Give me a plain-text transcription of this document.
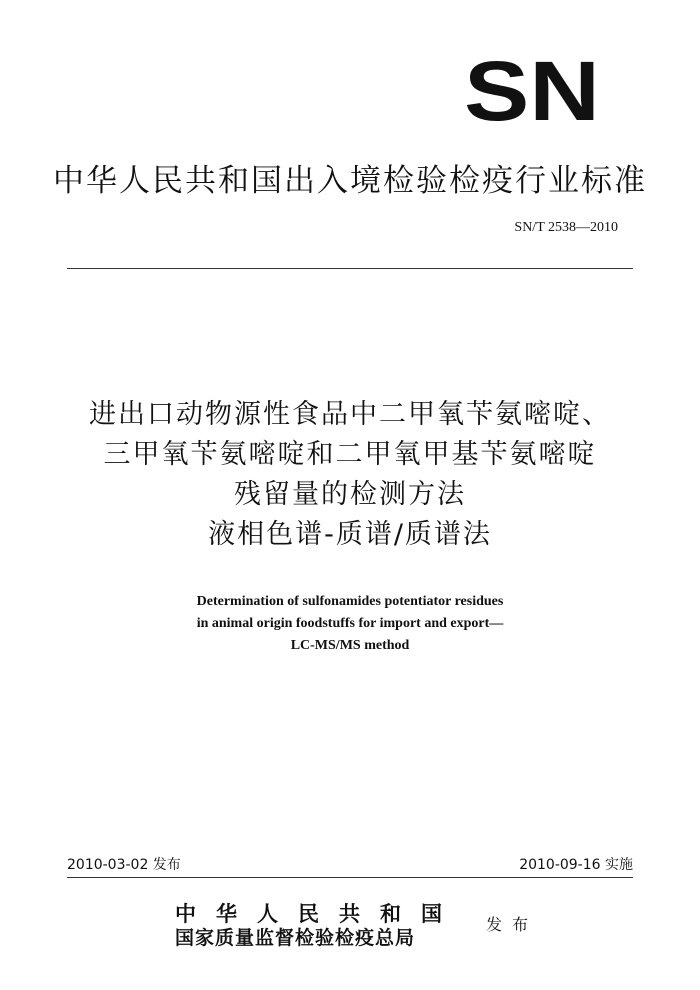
SN
中华人民共和国出入境检验检疫行业标准
SN/T 2538—2010
进出口动物源性食品中二甲氧苄氨嘧啶、
三甲氧苄氨嘧啶和二甲氧甲基苄氨嘧啶
残留量的检测方法
液相色谱-质谱/质谱法
Determination of sulfonamides potentiator residues
in animal origin foodstuffs for import and export—
LC-MS/MS method
2010-03-02 发布	2010-09-16 实施
中华人民共和国
国家质量监督检验检疫总局
发布
